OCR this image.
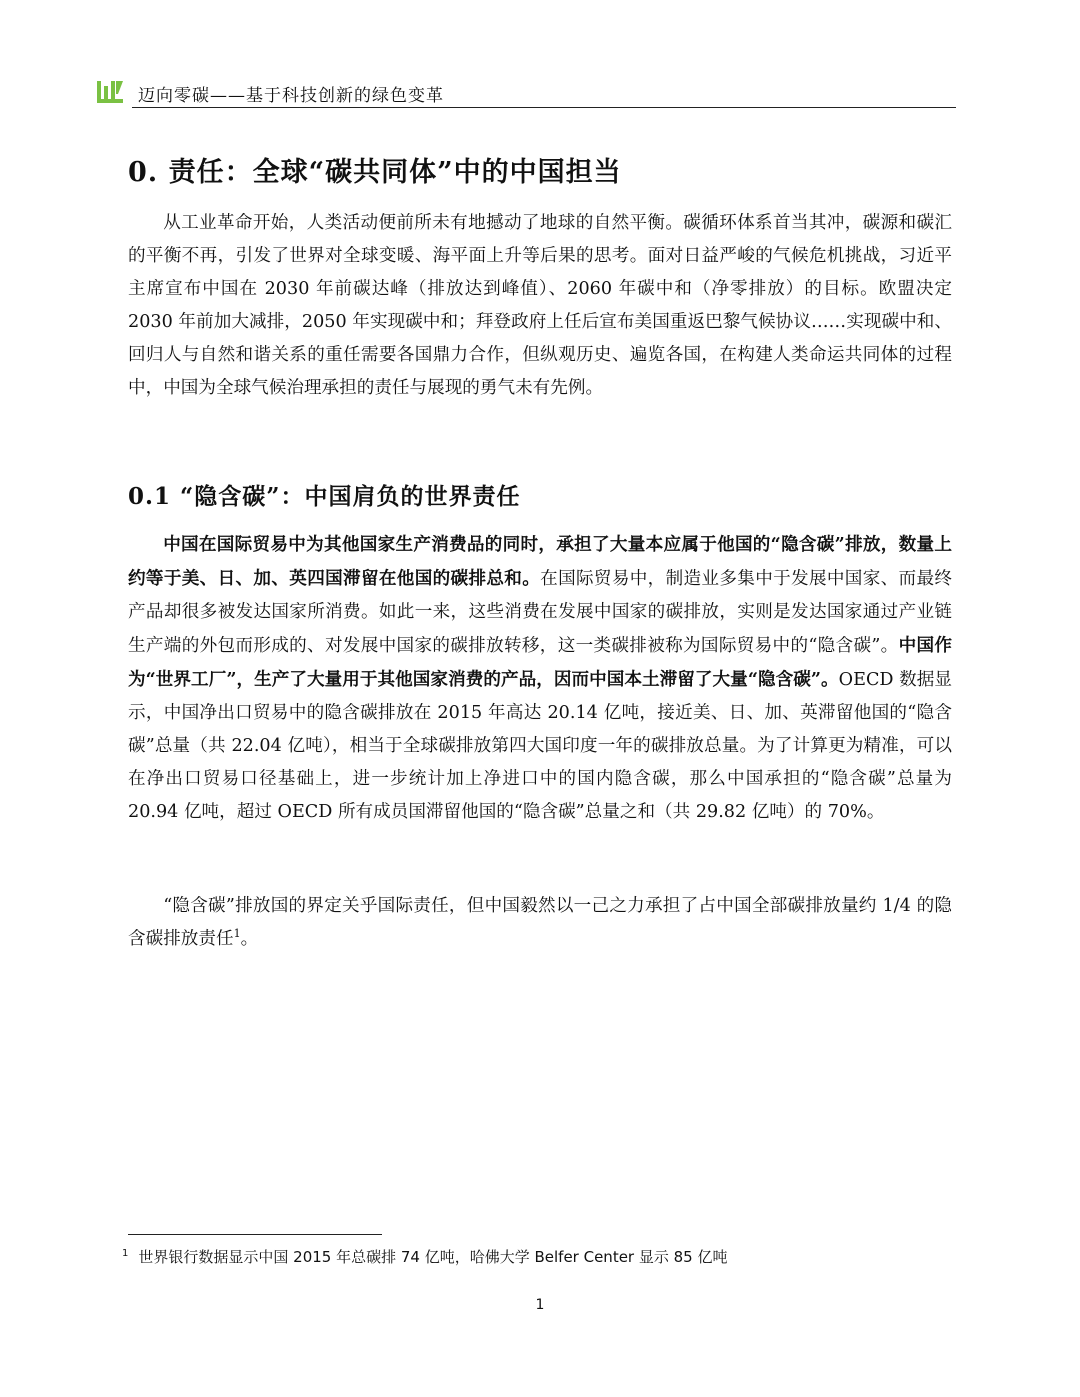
迈向零碳——基于科技创新的绿色变革
0. 责任：全球“碳共同体”中的中国担当
从工业革命开始，人类活动便前所未有地撼动了地球的自然平衡。碳循环体系首当其冲，碳源和碳汇的平衡不再，引发了世界对全球变暖、海平面上升等后果的思考。面对日益严峻的气候危机挑战，习近平主席宣布中国在 2030 年前碳达峰（排放达到峰值）、2060 年碳中和（净零排放）的目标。欧盟决定 2030 年前加大减排，2050 年实现碳中和；拜登政府上任后宣布美国重返巴黎气候协议……实现碳中和、回归人与自然和谐关系的重任需要各国鼎力合作，但纵观历史、遍览各国，在构建人类命运共同体的过程中，中国为全球气候治理承担的责任与展现的勇气未有先例。
0.1 “隐含碳”：中国肩负的世界责任
中国在国际贸易中为其他国家生产消费品的同时，承担了大量本应属于他国的“隐含碳”排放，数量上约等于美、日、加、英四国滞留在他国的碳排总和。在国际贸易中，制造业多集中于发展中国家、而最终产品却很多被发达国家所消费。如此一来，这些消费在发展中国家的碳排放，实则是发达国家通过产业链生产端的外包而形成的、对发展中国家的碳排放转移，这一类碳排被称为国际贸易中的“隐含碳”。中国作为“世界工厂”，生产了大量用于其他国家消费的产品，因而中国本土滞留了大量“隐含碳”。OECD 数据显示，中国净出口贸易中的隐含碳排放在 2015 年高达 20.14 亿吨，接近美、日、加、英滞留他国的“隐含碳”总量（共 22.04 亿吨），相当于全球碳排放第四大国印度一年的碳排放总量。为了计算更为精准，可以在净出口贸易口径基础上，进一步统计加上净进口中的国内隐含碳，那么中国承担的“隐含碳”总量为 20.94 亿吨，超过 OECD 所有成员国滞留他国的“隐含碳”总量之和（共 29.82 亿吨）的 70%。
“隐含碳”排放国的界定关乎国际责任，但中国毅然以一己之力承担了占中国全部碳排放量约 1/4 的隐含碳排放责任$^1$。
$^1$ 世界银行数据显示中国 2015 年总碳排 74 亿吨，哈佛大学 Belfer Center 显示 85 亿吨
1
